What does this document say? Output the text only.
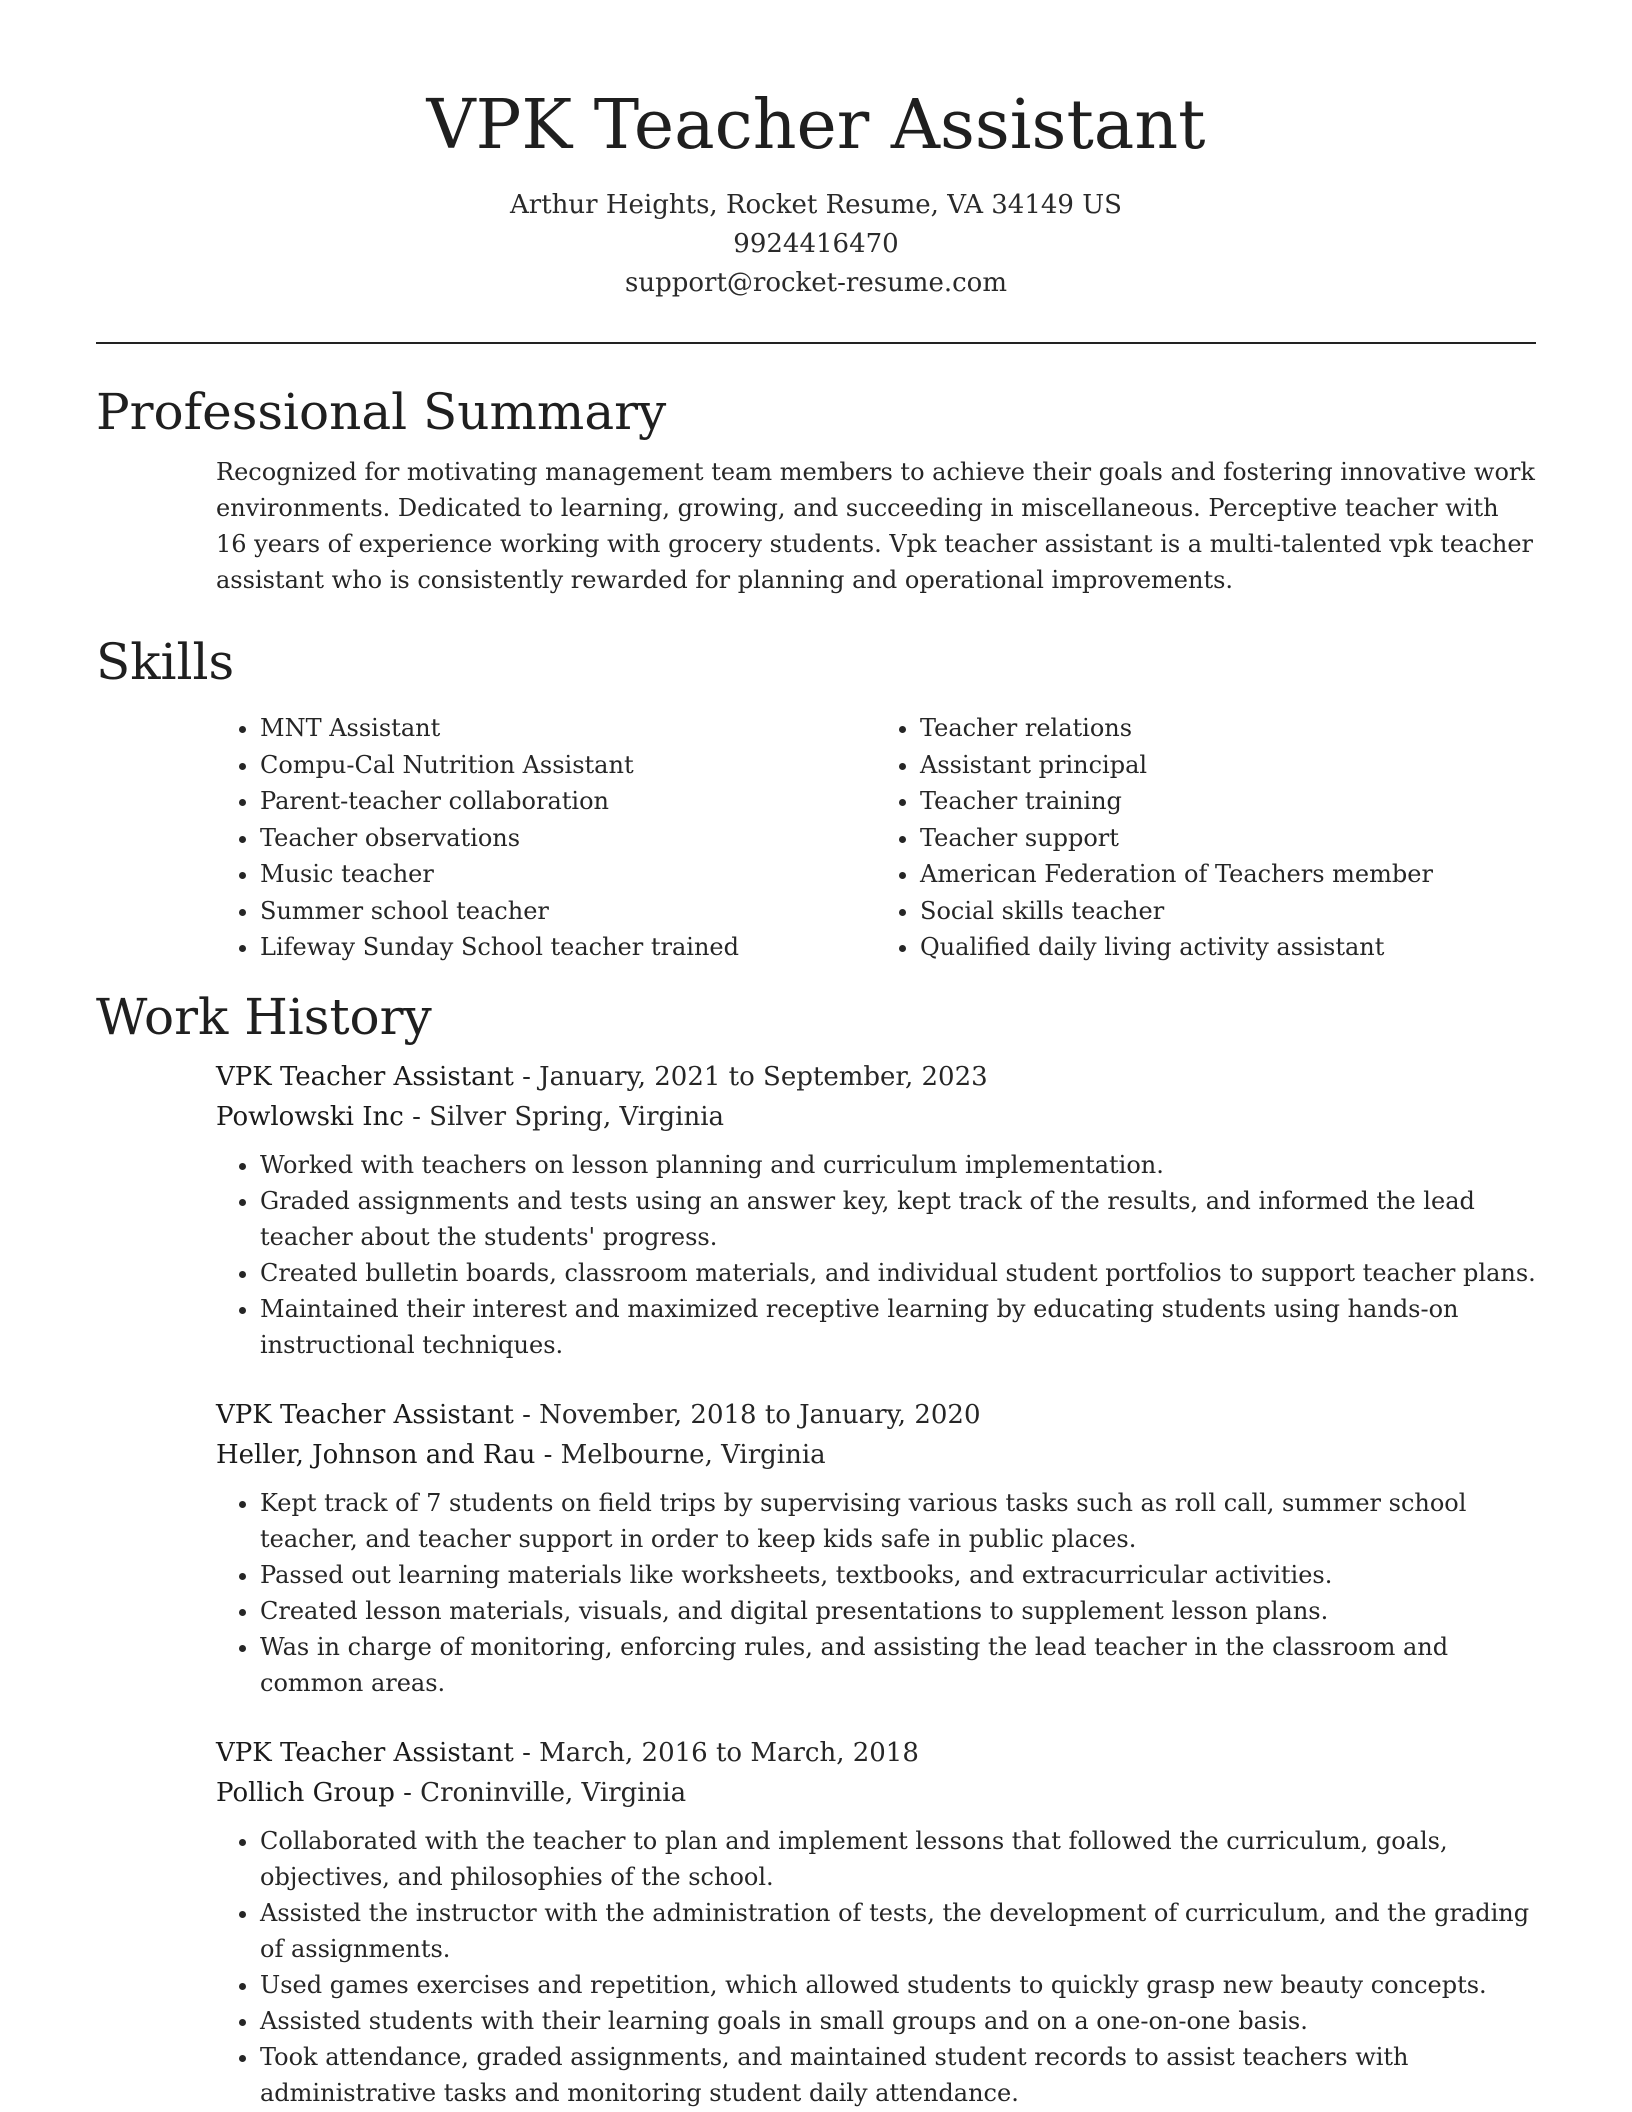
VPK Teacher Assistant
Arthur Heights, Rocket Resume, VA 34149 US
9924416470
support@rocket-resume.com
Professional Summary

Recognized for motivating management team members to achieve their goals and fostering innovative work environments. Dedicated to learning, growing, and succeeding in miscellaneous. Perceptive teacher with 16 years of experience working with grocery students. Vpk teacher assistant is a multi-talented vpk teacher assistant who is consistently rewarded for planning and operational improvements.

Skills
• MNT Assistant
• Compu-Cal Nutrition Assistant
• Parent-teacher collaboration
• Teacher observations
• Music teacher
• Summer school teacher
• Lifeway Sunday School teacher trained
• Teacher relations
• Assistant principal
• Teacher training
• Teacher support
• American Federation of Teachers member
• Social skills teacher
• Qualified daily living activity assistant
Work History

VPK Teacher Assistant - January, 2021 to September, 2023

Powlowski Inc - Silver Spring, Virginia

• Worked with teachers on lesson planning and curriculum implementation.
• Graded assignments and tests using an answer key, kept track of the results, and informed the lead teacher about the students' progress.
• Created bulletin boards, classroom materials, and individual student portfolios to support teacher plans.
• Maintained their interest and maximized receptive learning by educating students using hands-on instructional techniques.

VPK Teacher Assistant - November, 2018 to January, 2020

Heller, Johnson and Rau - Melbourne, Virginia

• Kept track of 7 students on field trips by supervising various tasks such as roll call, summer school teacher, and teacher support in order to keep kids safe in public places.
• Passed out learning materials like worksheets, textbooks, and extracurricular activities.
• Created lesson materials, visuals, and digital presentations to supplement lesson plans.
• Was in charge of monitoring, enforcing rules, and assisting the lead teacher in the classroom and common areas.

VPK Teacher Assistant - March, 2016 to March, 2018

Pollich Group - Croninville, Virginia

• Collaborated with the teacher to plan and implement lessons that followed the curriculum, goals, objectives, and philosophies of the school.
• Assisted the instructor with the administration of tests, the development of curriculum, and the grading of assignments.
• Used games exercises and repetition, which allowed students to quickly grasp new beauty concepts.
• Assisted students with their learning goals in small groups and on a one-on-one basis.
• Took attendance, graded assignments, and maintained student records to assist teachers with administrative tasks and monitoring student daily attendance.
